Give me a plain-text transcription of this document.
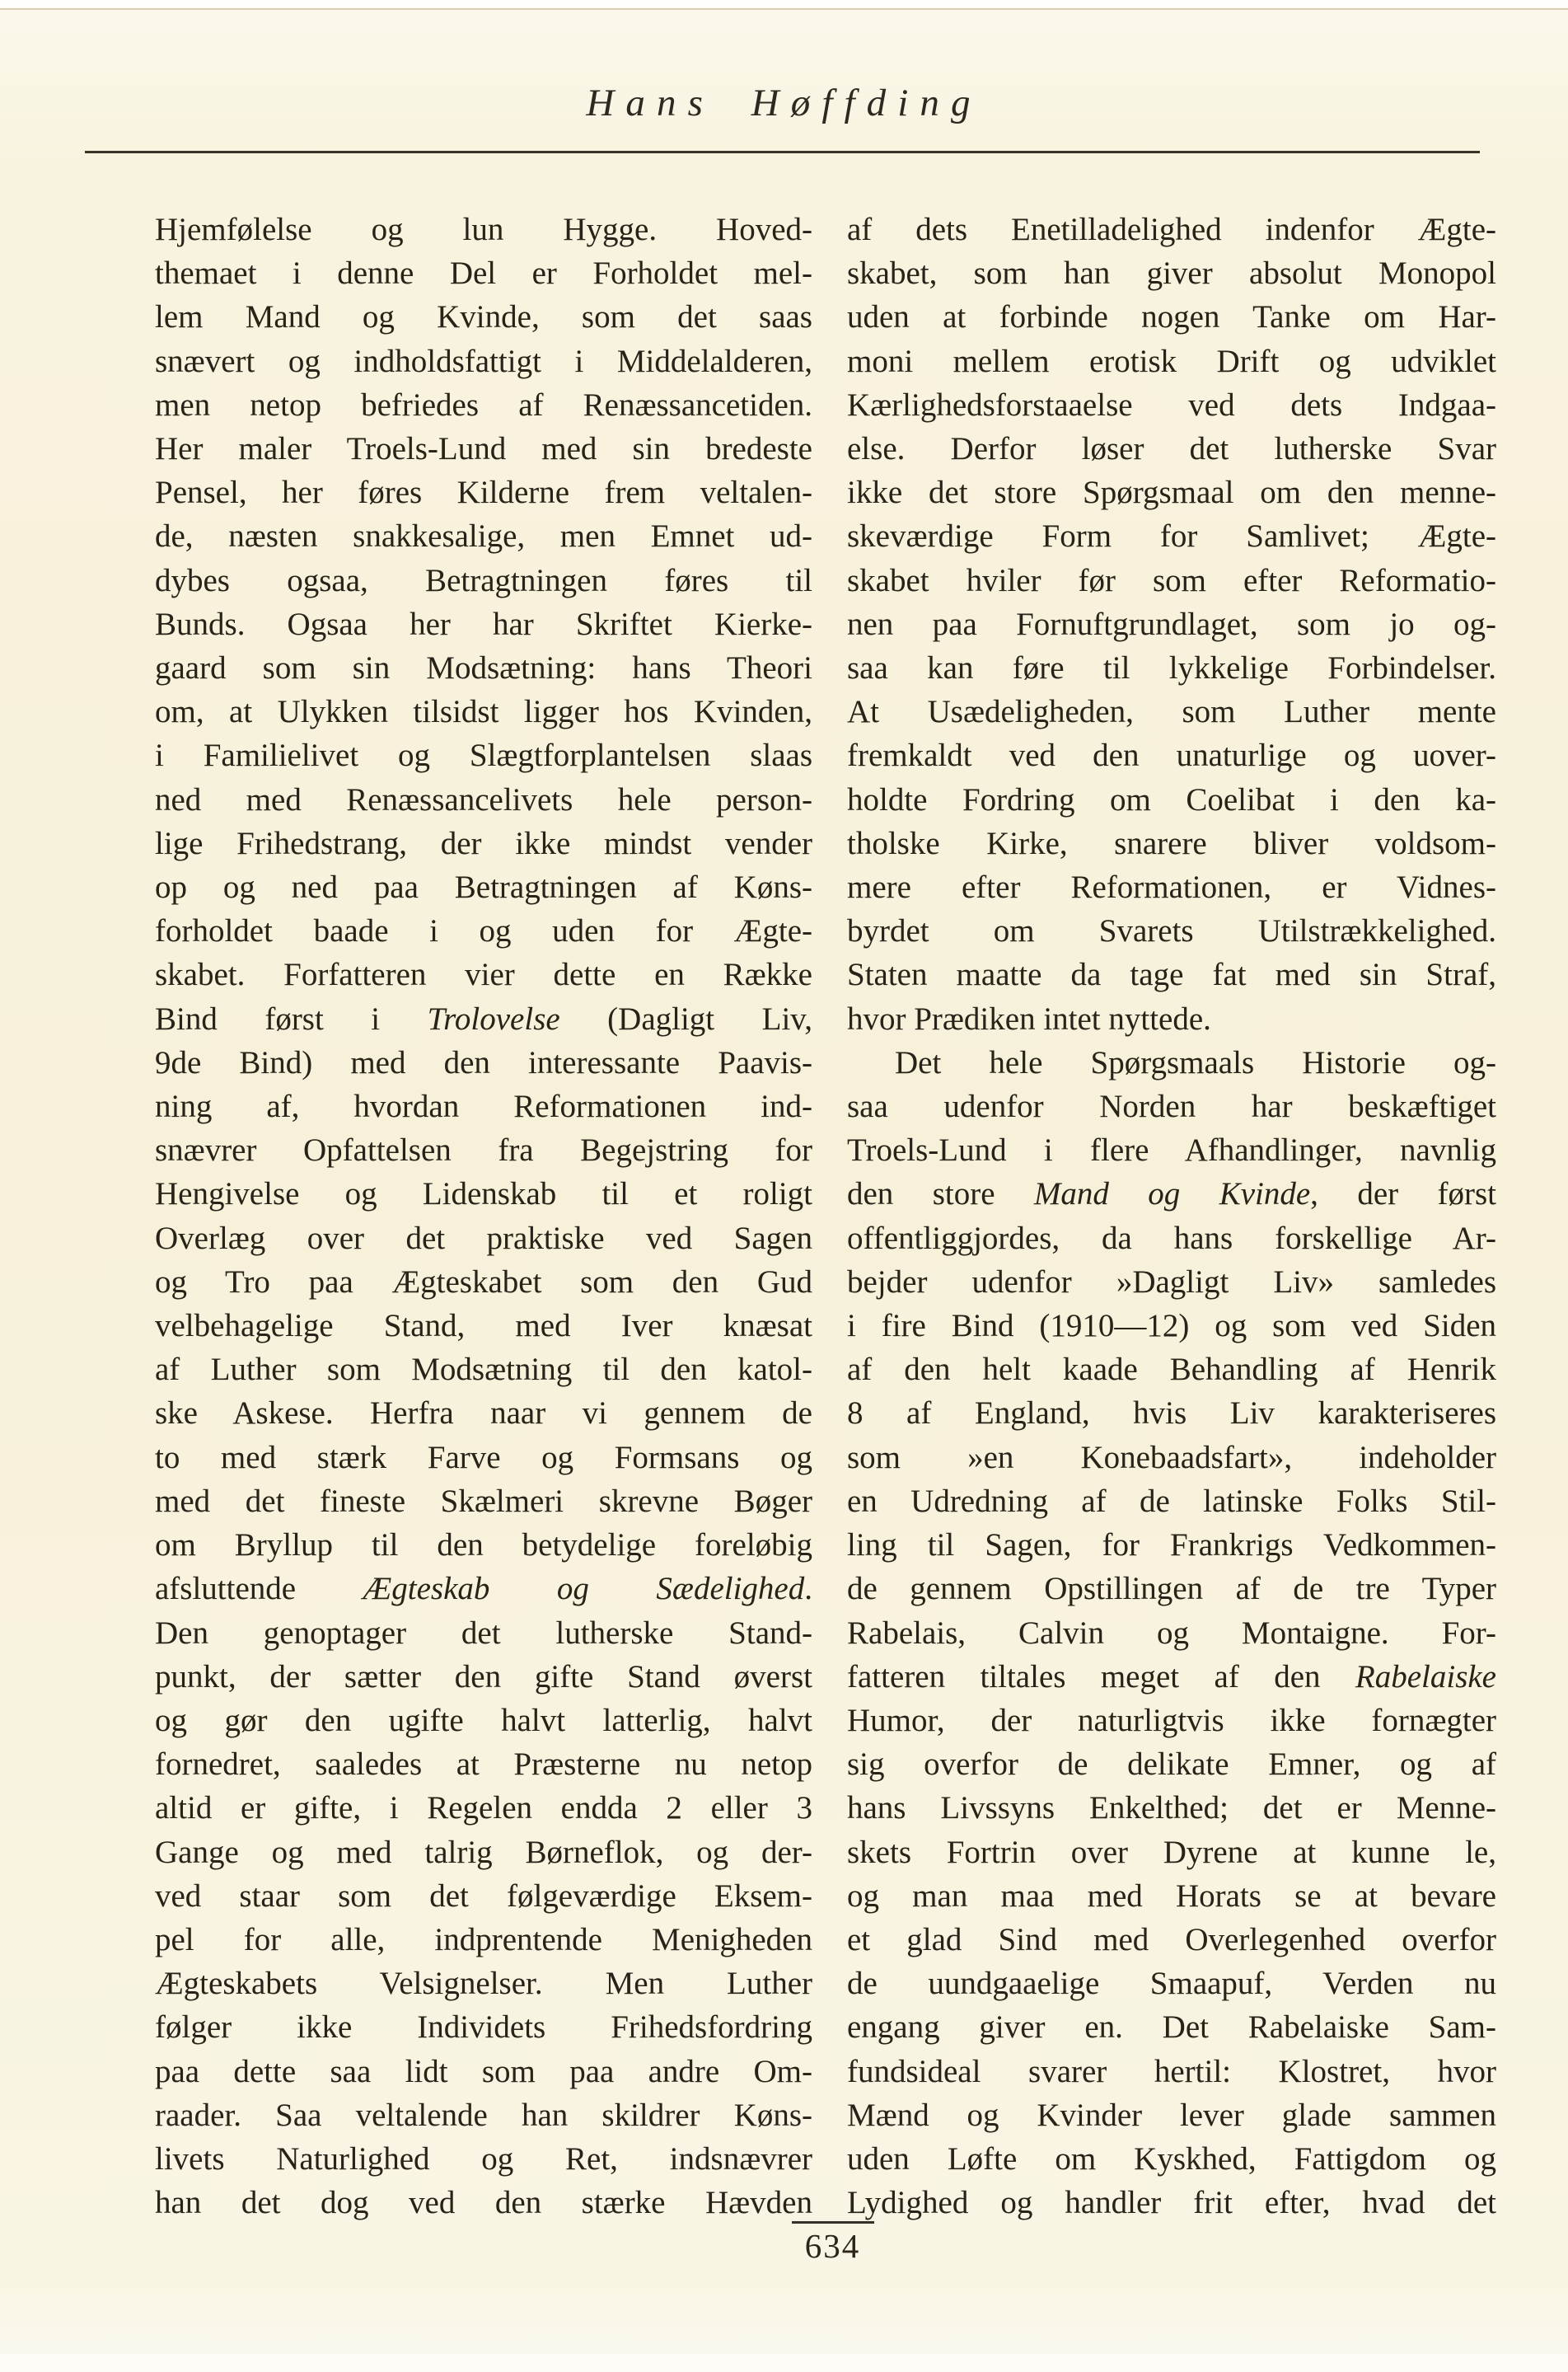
Hans Høffding
Hjemfølelse og lun Hygge. Hoved-
themaet i denne Del er Forholdet mel-
lem Mand og Kvinde, som det saas
snævert og indholdsfattigt i Middelalderen,
men netop befriedes af Renæssancetiden.
Her maler Troels-Lund med sin bredeste
Pensel, her føres Kilderne frem veltalen-
de, næsten snakkesalige, men Emnet ud-
dybes ogsaa, Betragtningen føres til
Bunds. Ogsaa her har Skriftet Kierke-
gaard som sin Modsætning: hans Theori
om, at Ulykken tilsidst ligger hos Kvinden,
i Familielivet og Slægtforplantelsen slaas
ned med Renæssancelivets hele person-
lige Frihedstrang, der ikke mindst vender
op og ned paa Betragtningen af Køns-
forholdet baade i og uden for Ægte-
skabet. Forfatteren vier dette en Række
Bind først i Trolovelse (Dagligt Liv,
9de Bind) med den interessante Paavis-
ning af, hvordan Reformationen ind-
snævrer Opfattelsen fra Begejstring for
Hengivelse og Lidenskab til et roligt
Overlæg over det praktiske ved Sagen
og Tro paa Ægteskabet som den Gud
velbehagelige Stand, med Iver knæsat
af Luther som Modsætning til den katol-
ske Askese. Herfra naar vi gennem de
to med stærk Farve og Formsans og
med det fineste Skælmeri skrevne Bøger
om Bryllup til den betydelige foreløbig
afsluttende Ægteskab og Sædelighed.
Den genoptager det lutherske Stand-
punkt, der sætter den gifte Stand øverst
og gør den ugifte halvt latterlig, halvt
fornedret, saaledes at Præsterne nu netop
altid er gifte, i Regelen endda 2 eller 3
Gange og med talrig Børneflok, og der-
ved staar som det følgeværdige Eksem-
pel for alle, indprentende Menigheden
Ægteskabets Velsignelser. Men Luther
følger ikke Individets Frihedsfordring
paa dette saa lidt som paa andre Om-
raader. Saa veltalende han skildrer Køns-
livets Naturlighed og Ret, indsnævrer
han det dog ved den stærke Hævden
af dets Enetilladelighed indenfor Ægte-
skabet, som han giver absolut Monopol
uden at forbinde nogen Tanke om Har-
moni mellem erotisk Drift og udviklet
Kærlighedsforstaaelse ved dets Indgaa-
else. Derfor løser det lutherske Svar
ikke det store Spørgsmaal om den menne-
skeværdige Form for Samlivet; Ægte-
skabet hviler før som efter Reformatio-
nen paa Fornuftgrundlaget, som jo og-
saa kan føre til lykkelige Forbindelser.
At Usædeligheden, som Luther mente
fremkaldt ved den unaturlige og uover-
holdte Fordring om Coelibat i den ka-
tholske Kirke, snarere bliver voldsom-
mere efter Reformationen, er Vidnes-
byrdet om Svarets Utilstrækkelighed.
Staten maatte da tage fat med sin Straf,
hvor Prædiken intet nyttede.
Det hele Spørgsmaals Historie og-
saa udenfor Norden har beskæftiget
Troels-Lund i flere Afhandlinger, navnlig
den store Mand og Kvinde, der først
offentliggjordes, da hans forskellige Ar-
bejder udenfor »Dagligt Liv» samledes
i fire Bind (1910—12) og som ved Siden
af den helt kaade Behandling af Henrik
8 af England, hvis Liv karakteriseres
som »en Konebaadsfart», indeholder
en Udredning af de latinske Folks Stil-
ling til Sagen, for Frankrigs Vedkommen-
de gennem Opstillingen af de tre Typer
Rabelais, Calvin og Montaigne. For-
fatteren tiltales meget af den Rabelaiske
Humor, der naturligtvis ikke fornægter
sig overfor de delikate Emner, og af
hans Livssyns Enkelthed; det er Menne-
skets Fortrin over Dyrene at kunne le,
og man maa med Horats se at bevare
et glad Sind med Overlegenhed overfor
de uundgaaelige Smaapuf, Verden nu
engang giver en. Det Rabelaiske Sam-
fundsideal svarer hertil: Klostret, hvor
Mænd og Kvinder lever glade sammen
uden Løfte om Kyskhed, Fattigdom og
Lydighed og handler frit efter, hvad det
634
